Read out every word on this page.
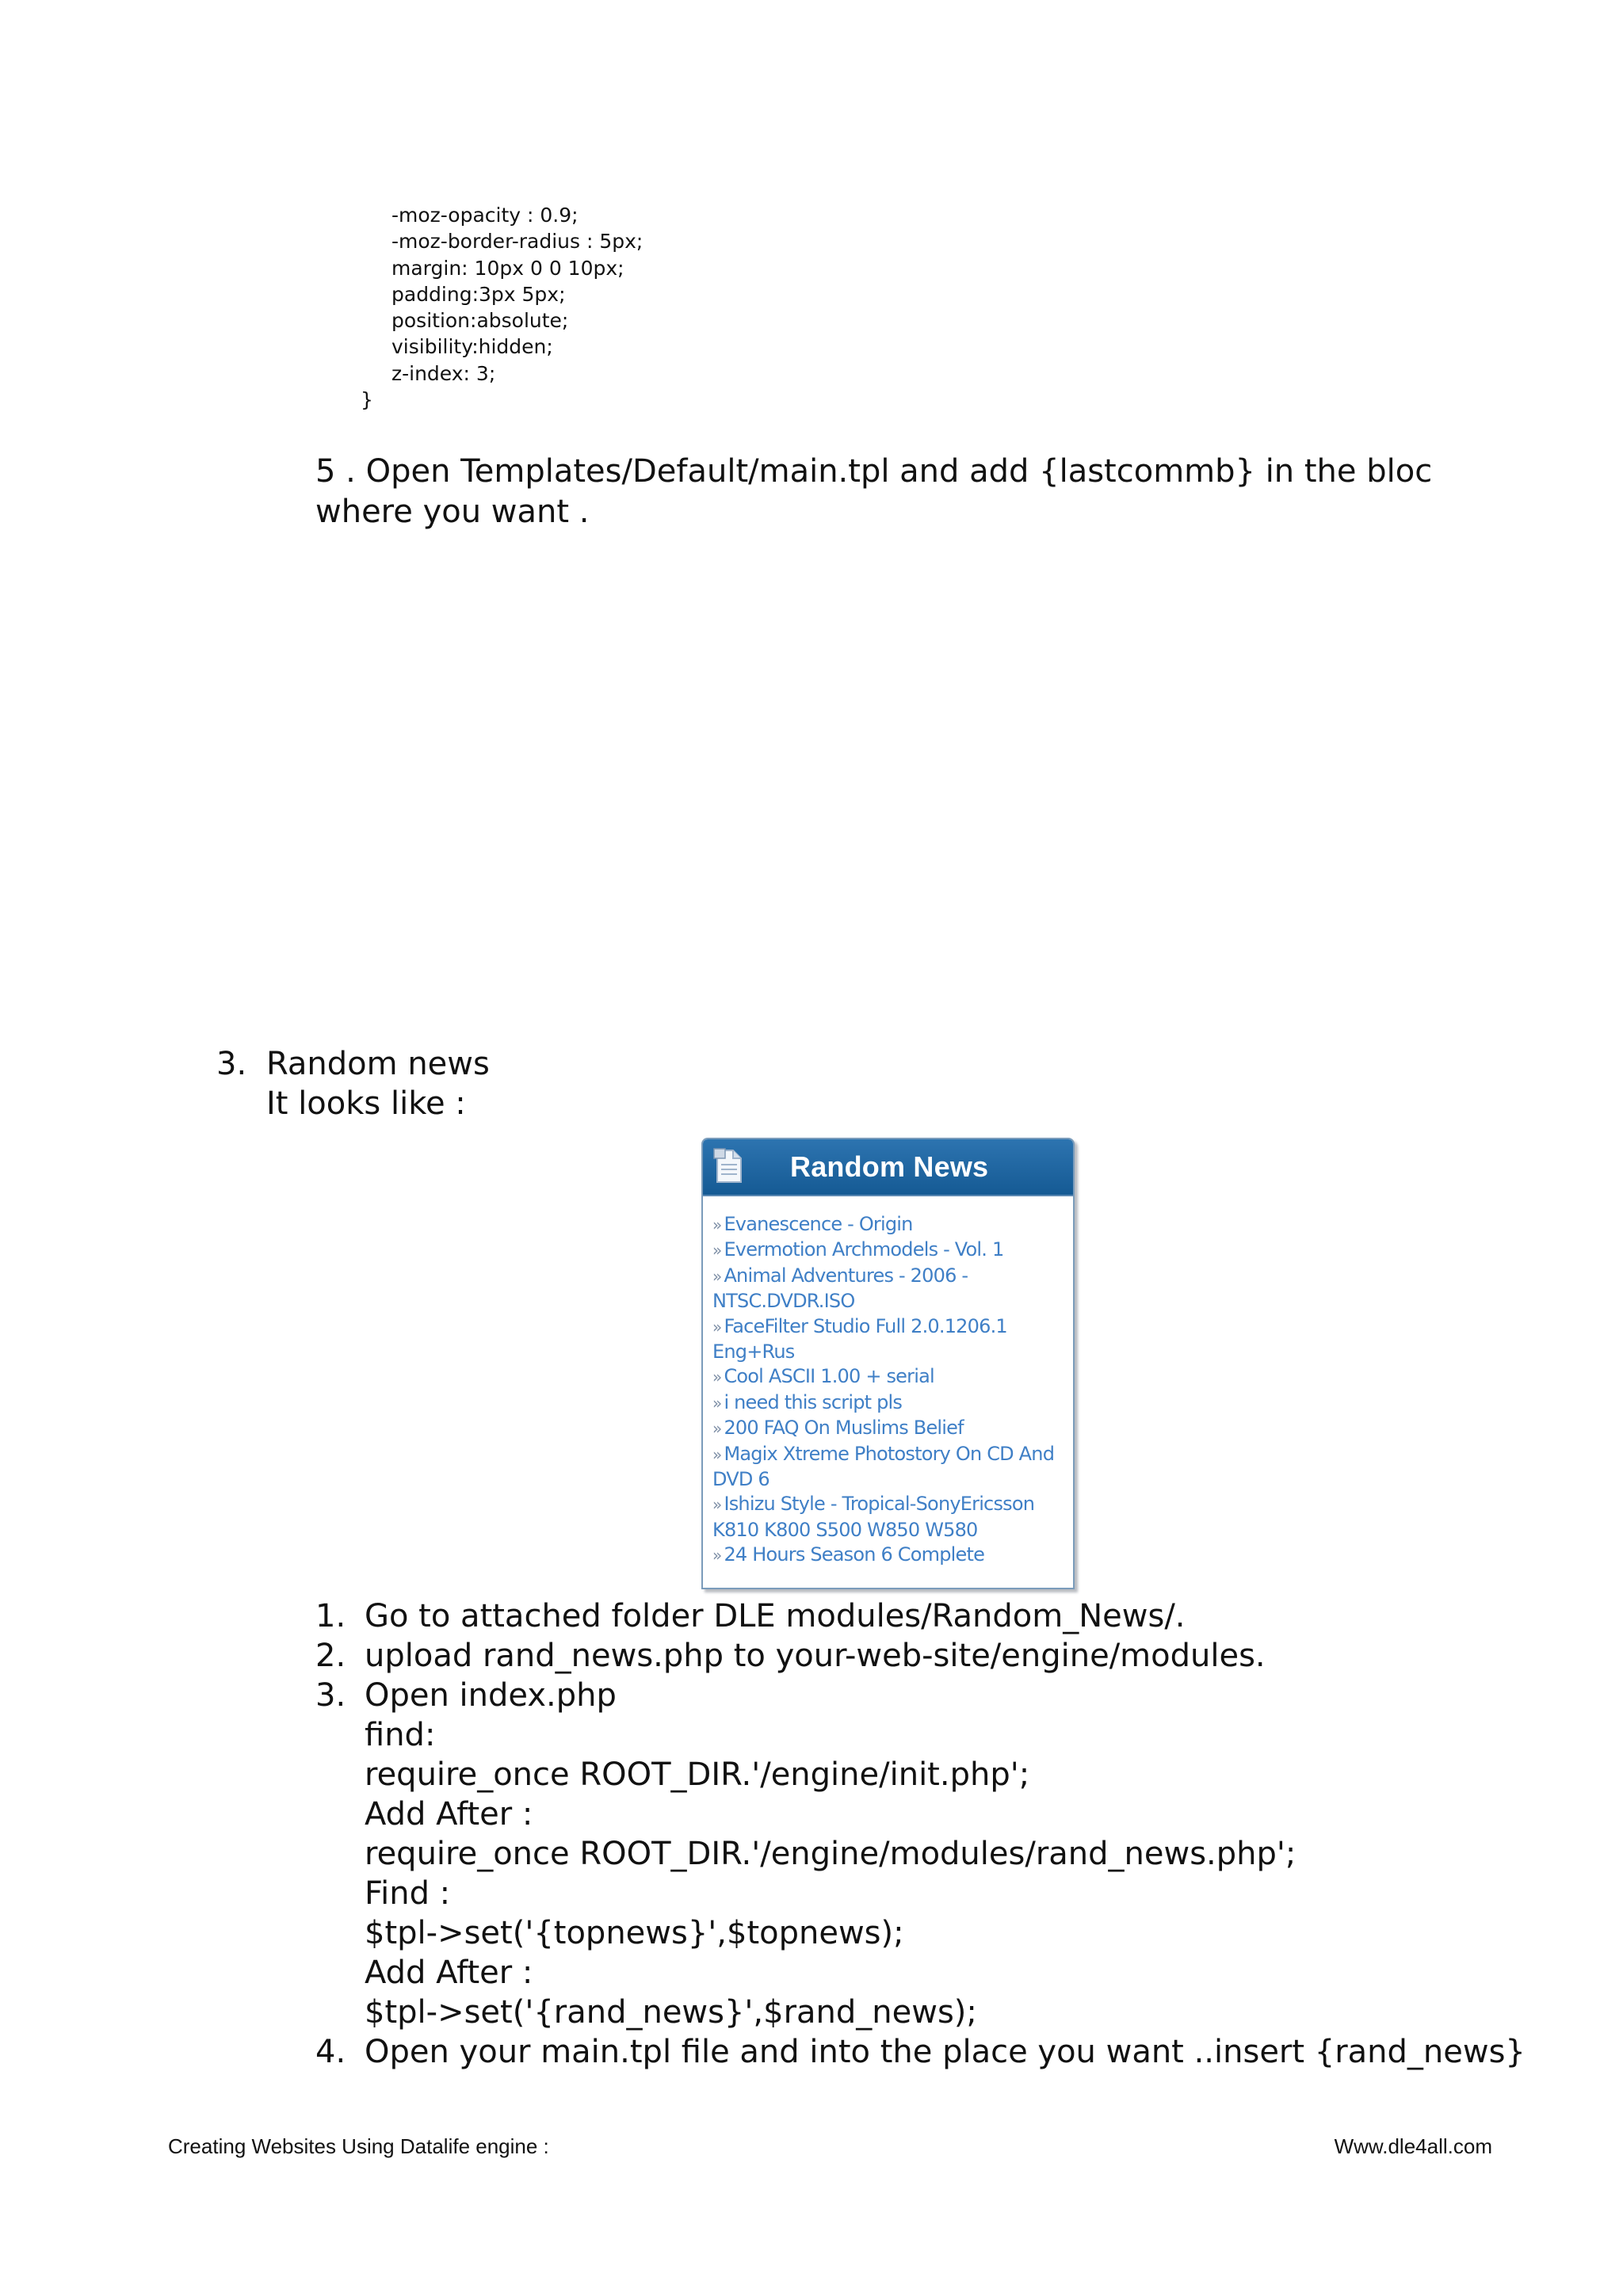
-moz-opacity : 0.9;
-moz-border-radius : 5px;
margin: 10px 0 0 10px;
padding:3px 5px;
position:absolute;
visibility:hidden;
z-index: 3;
}
5 . Open Templates/Default/main.tpl and add {lastcommb} in the bloc where you want .
3. Random news
It looks like :
Random News
» Evanescence - Origin
» Evermotion Archmodels - Vol. 1
» Animal Adventures - 2006 - NTSC.DVDR.ISO
» FaceFilter Studio Full 2.0.1206.1 Eng+Rus
» Cool ASCII 1.00 + serial
» i need this script pls
» 200 FAQ On Muslims Belief
» Magix Xtreme Photostory On CD And DVD 6
» Ishizu Style - Tropical-SonyEricsson K810 K800 S500 W850 W580
» 24 Hours Season 6 Complete
1. Go to attached folder DLE modules/Random_News/.
2. upload rand_news.php to your-web-site/engine/modules.
3. Open index.php
find:
require_once ROOT_DIR.'/engine/init.php';
Add After :
require_once ROOT_DIR.'/engine/modules/rand_news.php';
Find :
$tpl->set('{topnews}',$topnews);
Add After :
$tpl->set('{rand_news}',$rand_news);
4. Open your main.tpl file and into the place you want ..insert {rand_news}
Creating Websites Using Datalife engine :	Www.dle4all.com
